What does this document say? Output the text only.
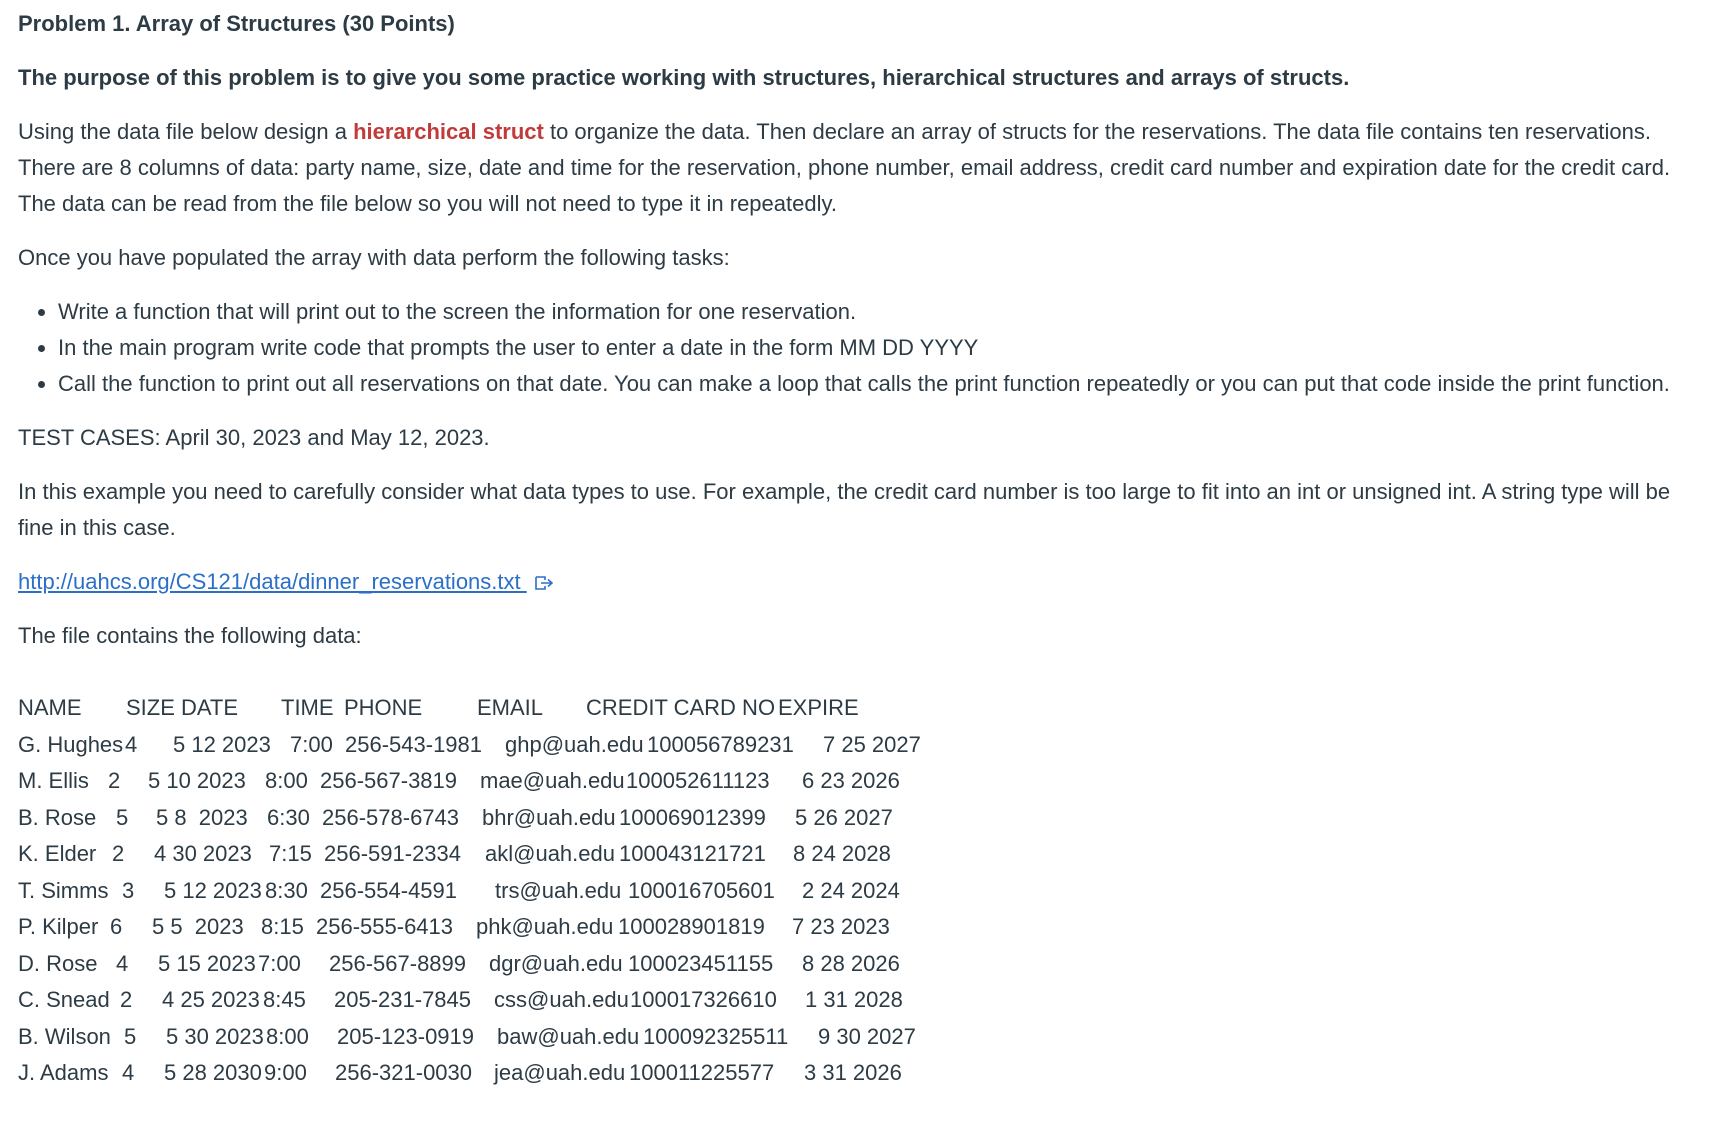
Problem 1. Array of Structures (30 Points)

The purpose of this problem is to give you some practice working with structures, hierarchical structures and arrays of structs.

Using the data file below design a hierarchical struct to organize the data. Then declare an array of structs for the reservations. The data file contains ten reservations. There are 8 columns of data: party name, size, date and time for the reservation, phone number, email address, credit card number and expiration date for the credit card. The data can be read from the file below so you will not need to type it in repeatedly.

Once you have populated the array with data perform the following tasks:

• Write a function that will print out to the screen the information for one reservation.
• In the main program write code that prompts the user to enter a date in the form MM DD YYYY
• Call the function to print out all reservations on that date. You can make a loop that calls the print function repeatedly or you can put that code inside the print function.

TEST CASES: April 30, 2023 and May 12, 2023.

In this example you need to carefully consider what data types to use. For example, the credit card number is too large to fit into an int or unsigned int. A string type will be fine in this case.

http://uahcs.org/CS121/data/dinner_reservations.txt

The file contains the following data:

NAME

SIZE

DATE

TIME

PHONE

EMAIL

CREDIT CARD NO

EXPIRE

G. Hughes 4 5 12 2023 7:00 256-543-1981 ghp@uah.edu 100056789231 7 25 2027
M. Ellis 2 5 10 2023 8:00 256-567-3819 mae@uah.edu 100052611123 6 23 2026
B. Rose 5 5 8  2023 6:30 256-578-6743 bhr@uah.edu 100069012399 5 26 2027
K. Elder 2 4 30 2023 7:15 256-591-2334 akl@uah.edu 100043121721 8 24 2028
T. Simms 3 5 12 2023 8:30 256-554-4591 trs@uah.edu 100016705601 2 24 2024
P. Kilper 6 5 5  2023 8:15 256-555-6413 phk@uah.edu 100028901819 7 23 2023
D. Rose 4 5 15 2023 7:00 256-567-8899 dgr@uah.edu 100023451155 8 28 2026
C. Snead 2 4 25 2023 8:45 205-231-7845 css@uah.edu 100017326610 1 31 2028
B. Wilson 5 5 30 2023 8:00 205-123-0919 baw@uah.edu 100092325511 9 30 2027
J. Adams 4 5 28 2030 9:00 256-321-0030 jea@uah.edu 100011225577 3 31 2026
